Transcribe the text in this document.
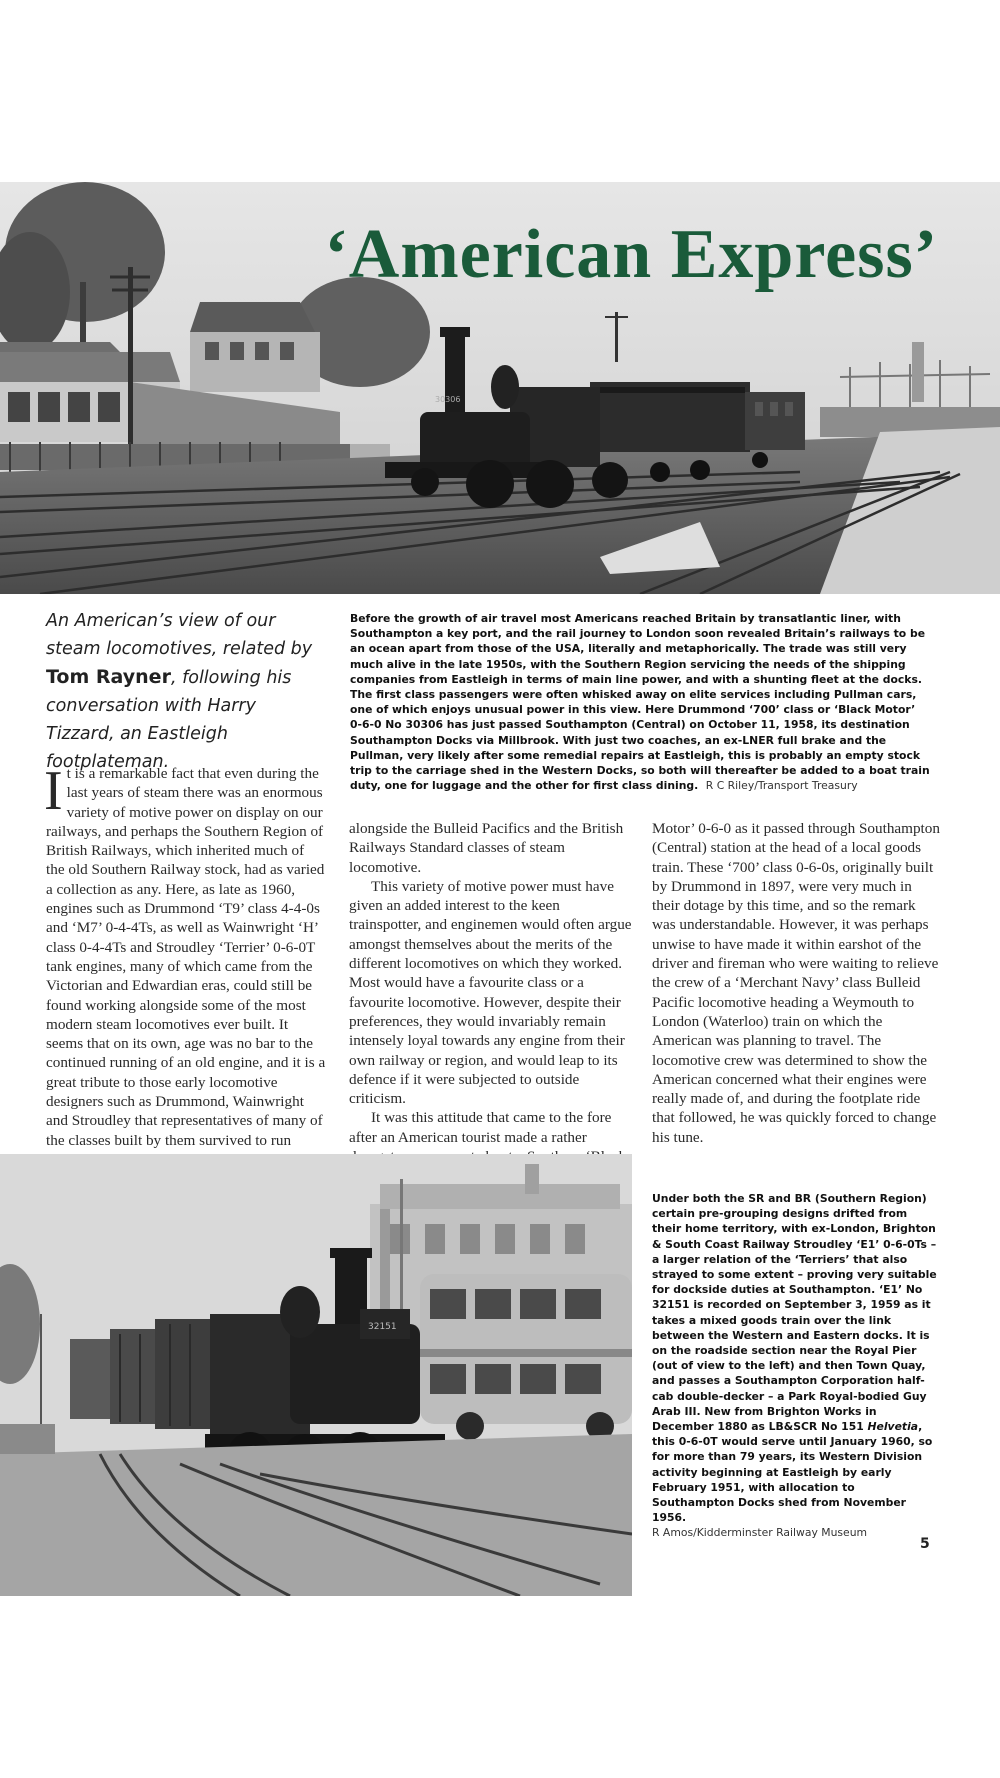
30306
‘American Express’

An American’s view of our steam locomotives, related by Tom Rayner, following his conversation with Harry Tizzard, an Eastleigh footplateman.

Before the growth of air travel most Americans reached Britain by transatlantic liner, with Southampton a key port, and the rail journey to London soon revealed Britain’s railways to be an ocean apart from those of the USA, literally and metaphorically. The trade was still very much alive in the late 1950s, with the Southern Region servicing the needs of the shipping companies from Eastleigh in terms of main line power, and with a shunting fleet at the docks. The first class passengers were often whisked away on elite services including Pullman cars, one of which enjoys unusual power in this view. Here Drummond ‘700’ class or ‘Black Motor’ 0-6-0 No 30306 has just passed Southampton (Central) on October 11, 1958, its destination Southampton Docks via Millbrook. With just two coaches, an ex-LNER full brake and the Pullman, very likely after some remedial repairs at Eastleigh, this is probably an empty stock trip to the carriage shed in the Western Docks, so both will thereafter be added to a boat train duty, one for luggage and the other for first class dining. R C Riley/Transport Treasury

It is a remarkable fact that even during the last years of steam there was an enormous variety of motive power on display on our railways, and perhaps the Southern Region of British Railways, which inherited much of the old Southern Railway stock, had as varied a collection as any. Here, as late as 1960, engines such as Drummond ‘T9’ class 4-4-0s and ‘M7’ 0-4-4Ts, as well as Wainwright ‘H’ class 0-4-4Ts and Stroudley ‘Terrier’ 0-6-0T tank engines, many of which came from the Victorian and Edwardian eras, could still be found working alongside some of the most modern steam locomotives ever built. It seems that on its own, age was no bar to the continued running of an old engine, and it is a great tribute to those early locomotive designers such as Drummond, Wainwright and Stroudley that representatives of many of the classes built by them survived to run

alongside the Bulleid Pacifics and the British Railways Standard classes of steam locomotive.

This variety of motive power must have given an added interest to the keen trainspotter, and enginemen would often argue amongst themselves about the merits of the different locomotives on which they worked. Most would have a favourite class or a favourite locomotive. However, despite their preferences, they would invariably remain intensely loyal towards any engine from their own railway or region, and would leap to its defence if it were subjected to outside criticism.

It was this attitude that came to the fore after an American tourist made a rather

Motor’ 0-6-0 as it passed through Southampton (Central) station at the head of a local goods train. These ‘700’ class 0-6-0s, originally built by Drummond in 1897, were very much in their dotage by this time, and so the remark was understandable. However, it was perhaps unwise to have made it within earshot of the driver and fireman who were waiting to relieve the crew of a ‘Merchant Navy’ class Bulleid Pacific locomotive heading a Weymouth to London (Waterloo) train on which the American was planning to travel. The locomotive crew was determined to show the American concerned what their engines were really made of, and during the footplate ride that followed, he was quickly forced to change his tune.

32151

Under both the SR and BR (Southern Region) certain pre-grouping designs drifted from their home territory, with ex-London, Brighton & South Coast Railway Stroudley ‘E1’ 0-6-0Ts – a larger relation of the ‘Terriers’ that also strayed to some extent – proving very suitable for dockside duties at Southampton. ‘E1’ No 32151 is recorded on September 3, 1959 as it takes a mixed goods train over the link between the Western and Eastern docks. It is on the roadside section near the Royal Pier (out of view to the left) and then Town Quay, and passes a Southampton Corporation half-cab double-decker – a Park Royal-bodied Guy Arab III. New from Brighton Works in December 1880 as LB&SCR No 151 Helvetia, this 0-6-0T would serve until January 1960, so for more than 79 years, its Western Division activity beginning at Eastleigh by early February 1951, with allocation to Southampton Docks shed from November 1956.
R Amos/Kidderminster Railway Museum

5
